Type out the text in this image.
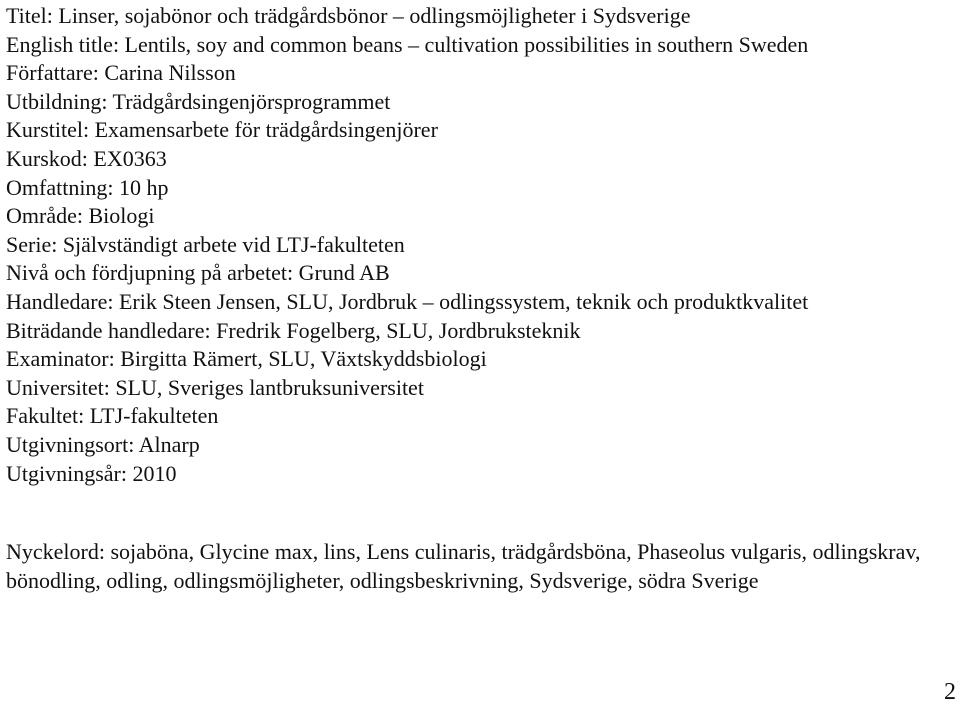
Titel: Linser, sojabönor och trädgårdsbönor – odlingsmöjligheter i Sydsverige
English title: Lentils, soy and common beans – cultivation possibilities in southern Sweden
Författare: Carina Nilsson
Utbildning: Trädgårdsingenjörsprogrammet
Kurstitel: Examensarbete för trädgårdsingenjörer
Kurskod: EX0363
Omfattning: 10 hp
Område: Biologi
Serie: Självständigt arbete vid LTJ-fakulteten
Nivå och fördjupning på arbetet: Grund AB
Handledare: Erik Steen Jensen, SLU, Jordbruk – odlingssystem, teknik och produktkvalitet
Biträdande handledare: Fredrik Fogelberg, SLU, Jordbruksteknik
Examinator: Birgitta Rämert, SLU, Växtskyddsbiologi
Universitet: SLU, Sveriges lantbruksuniversitet
Fakultet: LTJ-fakulteten
Utgivningsort: Alnarp
Utgivningsår: 2010
Nyckelord: sojaböna, Glycine max, lins, Lens culinaris, trädgårdsböna, Phaseolus vulgaris, odlingskrav, bönodling, odling, odlingsmöjligheter, odlingsbeskrivning, Sydsverige, södra Sverige
2
